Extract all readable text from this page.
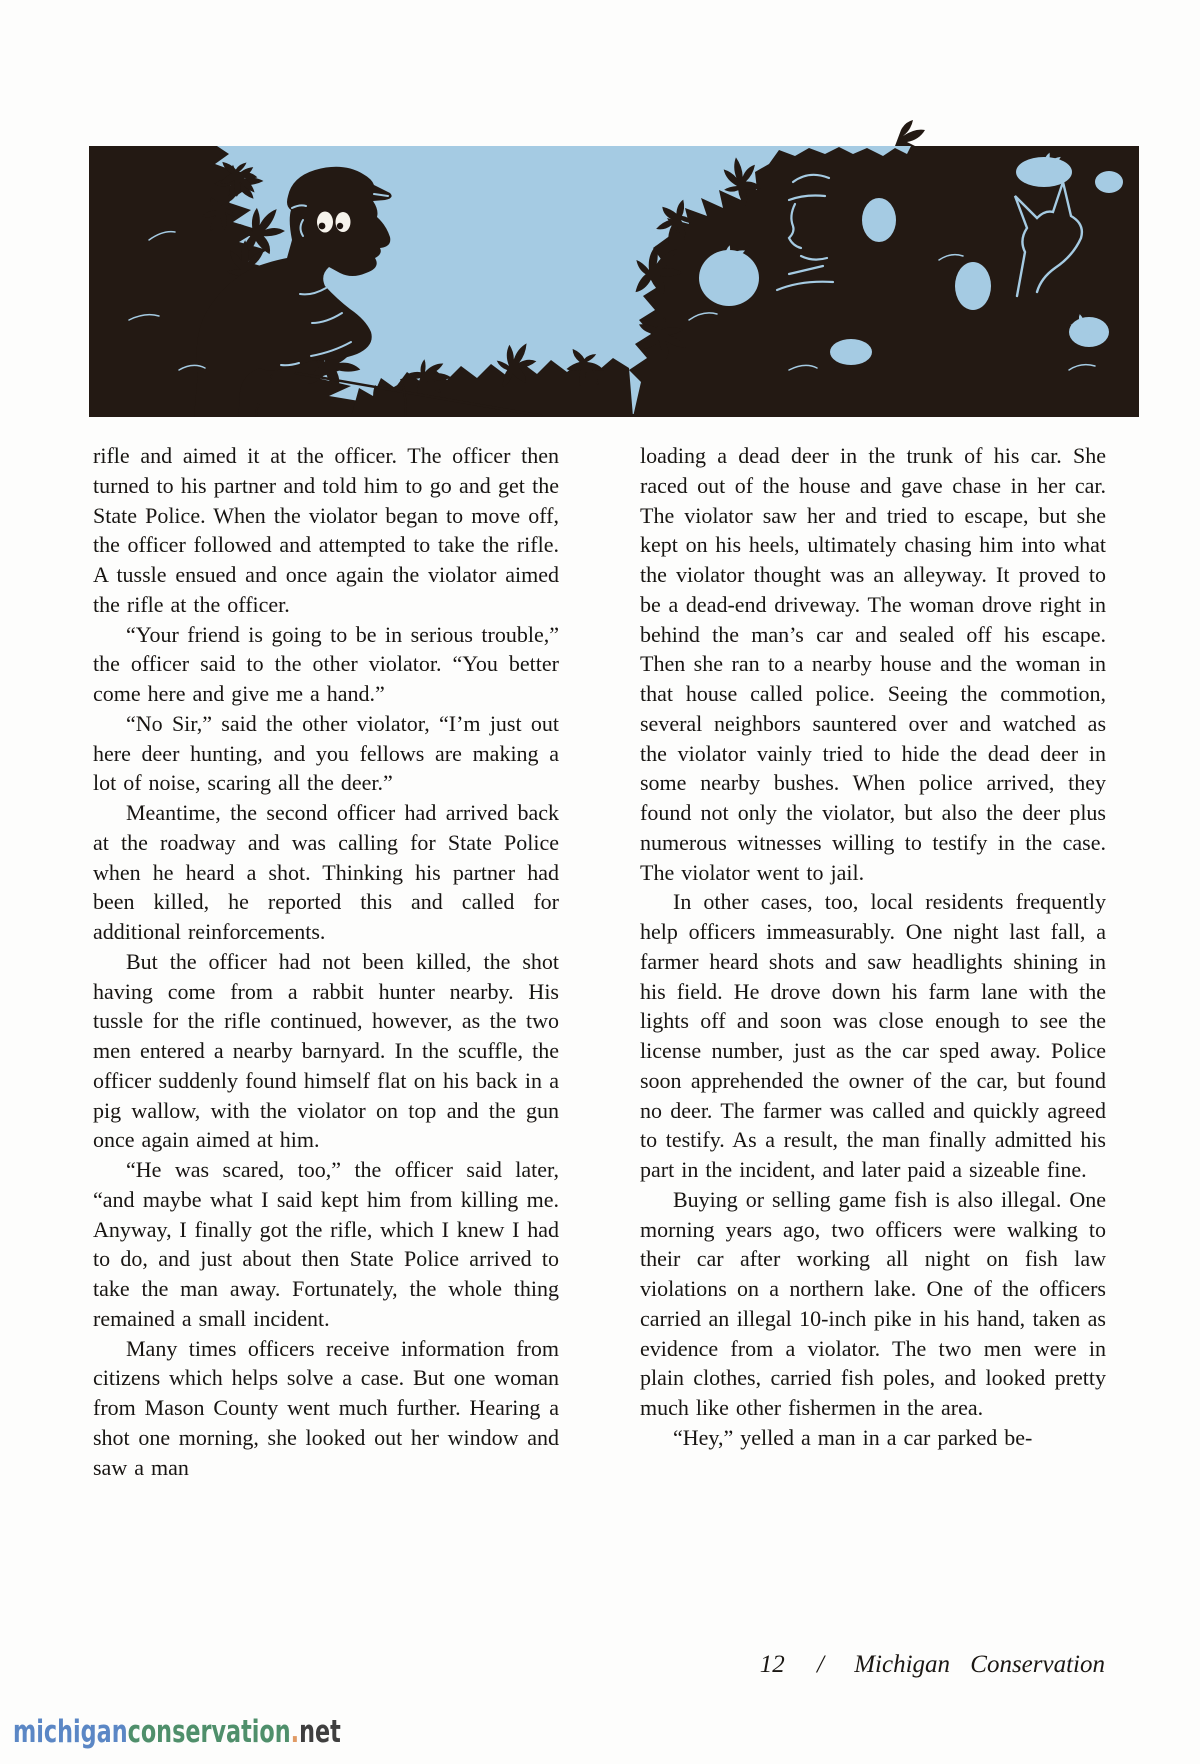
rifle and aimed it at the officer. The officer then turned to his partner and told him to go and get the State Police. When the violator began to move off, the officer followed and attempted to take the rifle. A tussle ensued and once again the violator aimed the rifle at the officer.

“Your friend is going to be in serious trouble,” the officer said to the other violator. “You better come here and give me a hand.”

“No Sir,” said the other violator, “I’m just out here deer hunting, and you fellows are making a lot of noise, scaring all the deer.”

Meantime, the second officer had arrived back at the roadway and was calling for State Police when he heard a shot. Thinking his partner had been killed, he reported this and called for additional reinforcements.

But the officer had not been killed, the shot having come from a rabbit hunter nearby. His tussle for the rifle continued, however, as the two men entered a nearby barnyard. In the scuffle, the officer suddenly found himself flat on his back in a pig wallow, with the violator on top and the gun once again aimed at him.

“He was scared, too,” the officer said later, “and maybe what I said kept him from killing me. Anyway, I finally got the rifle, which I knew I had to do, and just about then State Police arrived to take the man away. Fortunately, the whole thing remained a small incident.

Many times officers receive information from citizens which helps solve a case. But one woman from Mason County went much further. Hearing a shot one morning, she looked out her window and saw a man

loading a dead deer in the trunk of his car. She raced out of the house and gave chase in her car. The violator saw her and tried to escape, but she kept on his heels, ultimately chasing him into what the violator thought was an alleyway. It proved to be a dead-end driveway. The woman drove right in behind the man’s car and sealed off his escape. Then she ran to a nearby house and the woman in that house called police. Seeing the commotion, several neighbors sauntered over and watched as the violator vainly tried to hide the dead deer in some nearby bushes. When police arrived, they found not only the violator, but also the deer plus numerous witnesses willing to testify in the case. The violator went to jail.

In other cases, too, local residents frequently help officers immeasurably. One night last fall, a farmer heard shots and saw headlights shining in his field. He drove down his farm lane with the lights off and soon was close enough to see the license number, just as the car sped away. Police soon apprehended the owner of the car, but found no deer. The farmer was called and quickly agreed to testify. As a result, the man finally admitted his part in the incident, and later paid a sizeable fine.

Buying or selling game fish is also illegal. One morning years ago, two officers were walking to their car after working all night on fish law violations on a northern lake. One of the officers carried an illegal 10-inch pike in his hand, taken as evidence from a violator. The two men were in plain clothes, carried fish poles, and looked pretty much like other fishermen in the area.

“Hey,” yelled a man in a car parked be-

12 / Michigan Conservation
michiganconservation.net
